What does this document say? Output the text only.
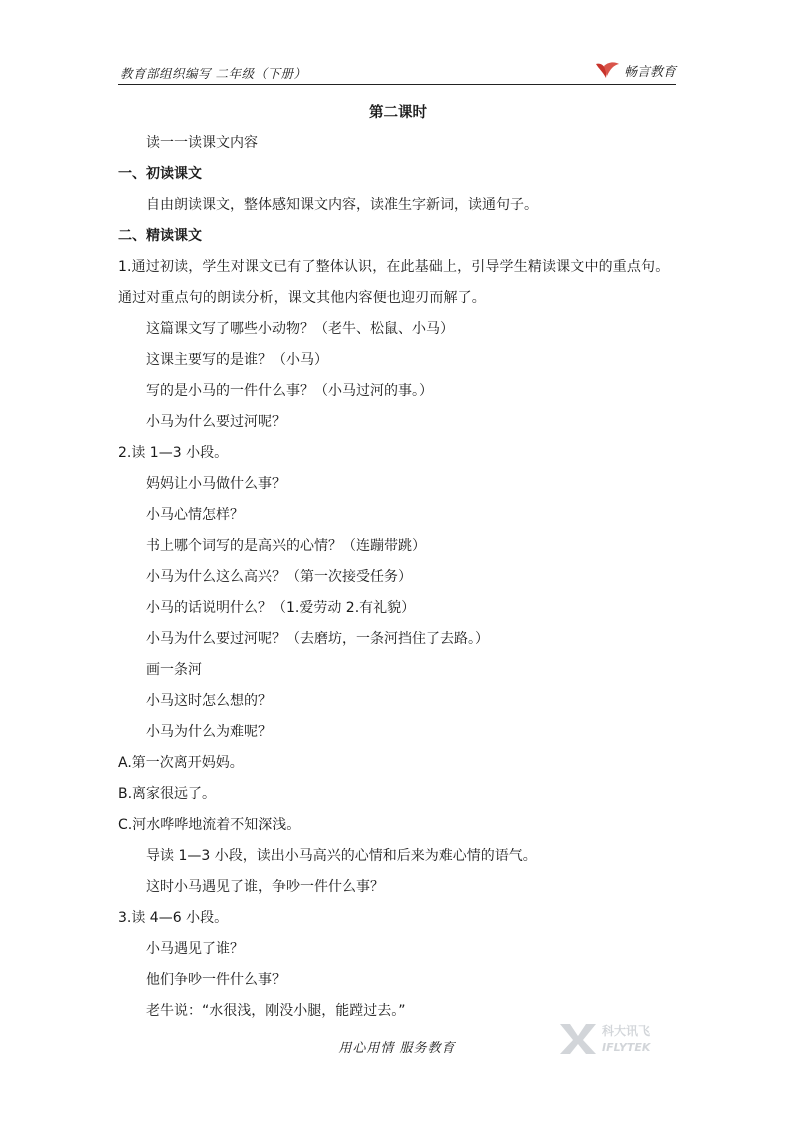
教育部组织编写 二年级（下册）	畅言教育
第二课时
读一一读课文内容
一、初读课文
自由朗读课文，整体感知课文内容，读准生字新词，读通句子。
二、精读课文
1.通过初读，学生对课文已有了整体认识，在此基础上，引导学生精读课文中的重点句。通过对重点句的朗读分析，课文其他内容便也迎刃而解了。
这篇课文写了哪些小动物？（老牛、松鼠、小马）
这课主要写的是谁？（小马）
写的是小马的一件什么事？（小马过河的事。）
小马为什么要过河呢？
2.读 1—3 小段。
妈妈让小马做什么事？
小马心情怎样？
书上哪个词写的是高兴的心情？（连蹦带跳）
小马为什么这么高兴？（第一次接受任务）
小马的话说明什么？（1.爱劳动 2.有礼貌）
小马为什么要过河呢？（去磨坊，一条河挡住了去路。）
画一条河
小马这时怎么想的？
小马为什么为难呢？
A.第一次离开妈妈。
B.离家很远了。
C.河水哗哗地流着不知深浅。
导读 1—3 小段，读出小马高兴的心情和后来为难心情的语气。
这时小马遇见了谁，争吵一件什么事？
3.读 4—6 小段。
小马遇见了谁？
他们争吵一件什么事？
老牛说：“水很浅，刚没小腿，能蹚过去。”
科大讯飞
IFLYTEK
用心用情 服务教育
